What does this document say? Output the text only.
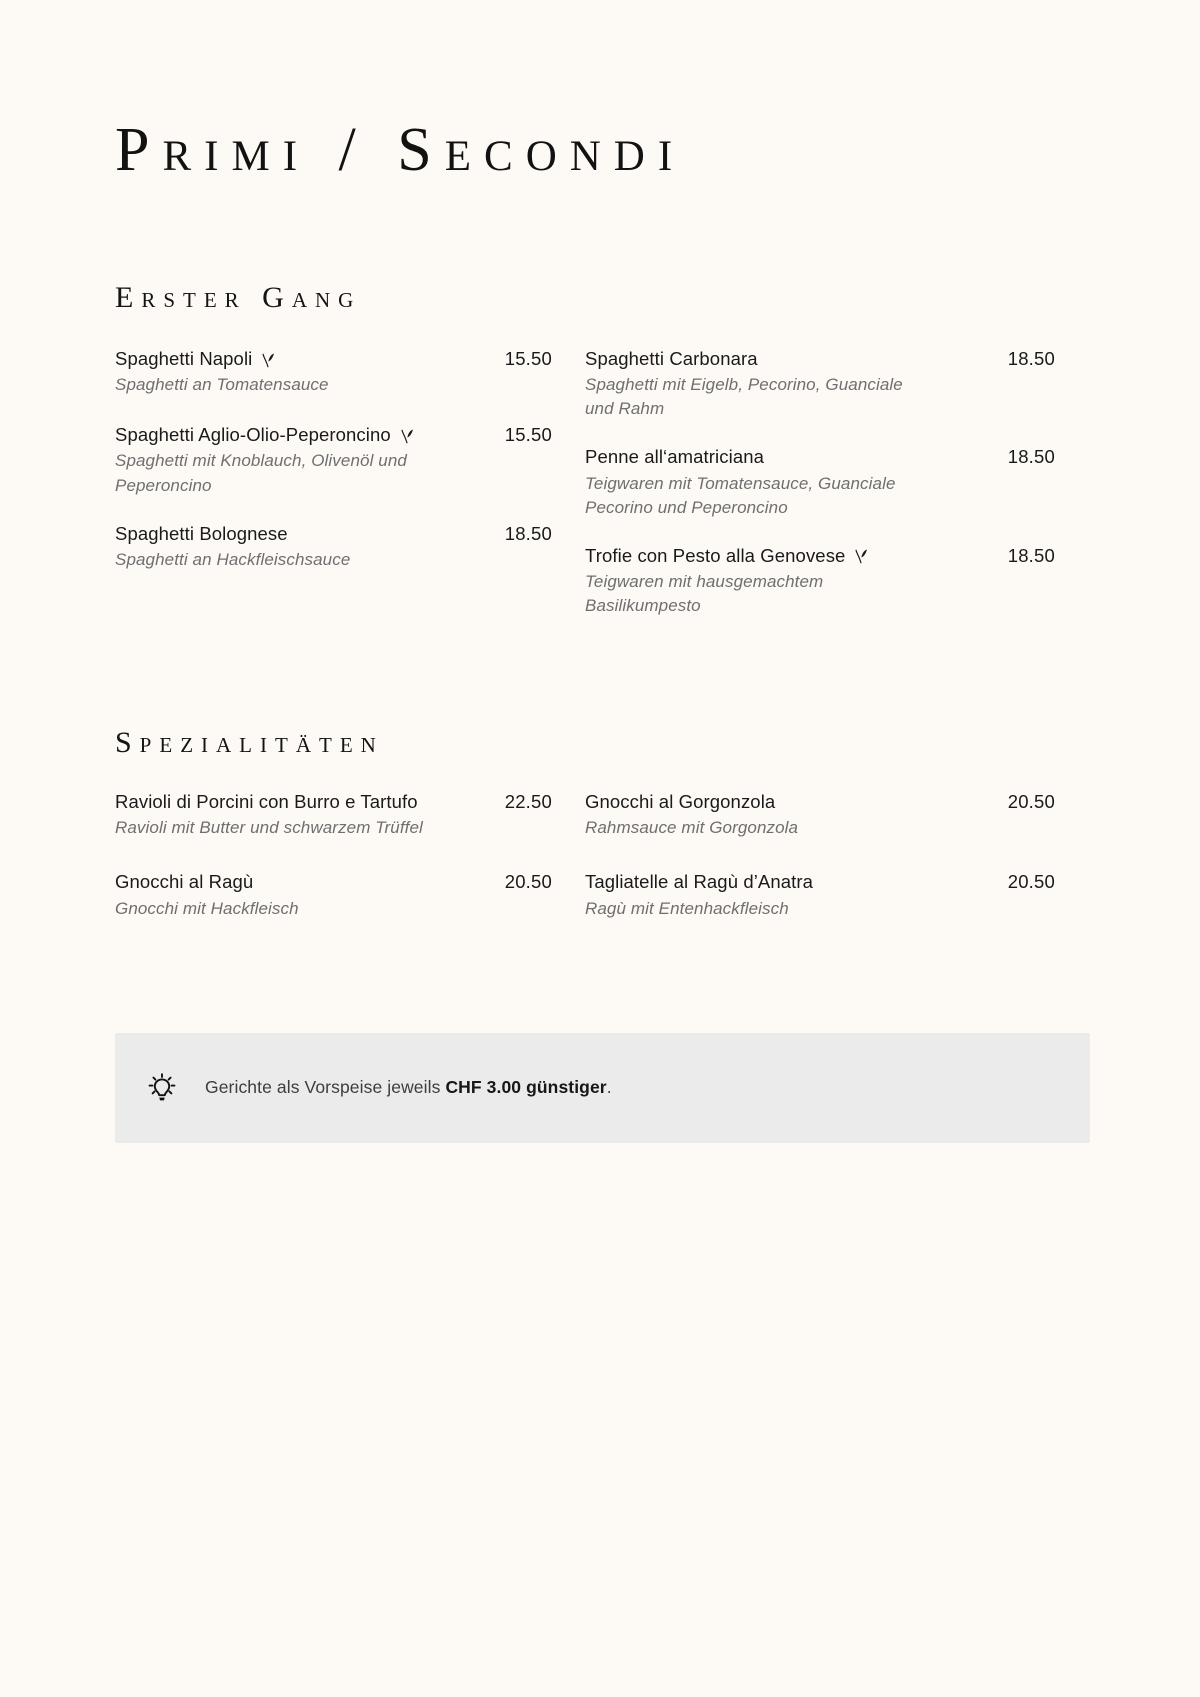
Primi / Secondi
Erster Gang
Spaghetti Napoli	15.50
Spaghetti an Tomatensauce
Spaghetti Aglio-Olio-Peperoncino	15.50
Spaghetti mit Knoblauch, Olivenöl und Peperoncino
Spaghetti Bolognese	18.50
Spaghetti an Hackfleischsauce
Spaghetti Carbonara	18.50
Spaghetti mit Eigelb, Pecorino, Guanciale und Rahm
Penne all‘amatriciana	18.50
Teigwaren mit Tomatensauce, Guanciale Pecorino und Peperoncino
Trofie con Pesto alla Genovese	18.50
Teigwaren mit hausgemachtem Basilikumpesto
Spezialitäten
Ravioli di Porcini con Burro e Tartufo	22.50
Ravioli mit Butter und schwarzem Trüffel
Gnocchi al Ragù	20.50
Gnocchi mit Hackfleisch
Gnocchi al Gorgonzola	20.50
Rahmsauce mit Gorgonzola
Tagliatelle al Ragù d’Anatra	20.50
Ragù mit Entenhackfleisch
Gerichte als Vorspeise jeweils CHF 3.00 günstiger.
